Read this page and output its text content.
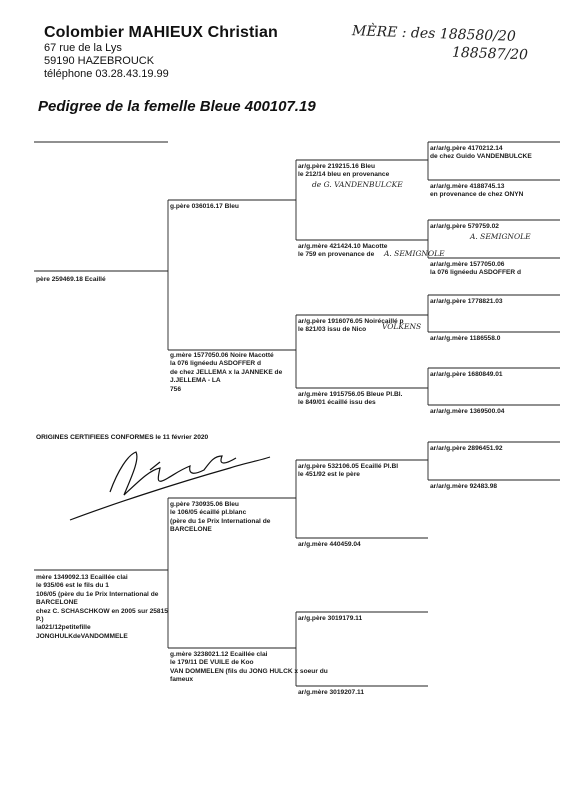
Colombier MAHIEUX Christian
67 rue de la Lys
59190 HAZEBROUCK
téléphone 03.28.43.19.99
MÈRE : des 188580/20
188587/20
Pedigree de la femelle Bleue 400107.19
père 259469.18 Ecaillé
g.père 036016.17 Bleu
g.mère 1577050.06 Noire Macotté
la 076 lignéedu ASDOFFER d
de chez JELLEMA x la JANNEKE de J.JELLEMA - LA
756
ar/g.père 219215.16 Bleu
le 212/14 bleu en provenance
de G. VANDENBULCKE
ar/g.mère 421424.10 Macotte
le 759 en provenance de	A. SEMIGNOLE
ar/g.père 1916076.05 Noirécaillé p
le 821/03 issu de Nico	VOLKENS
ar/g.mère 1915756.05 Bleue Pl.Bl.
le 849/01 écaillé issu des
ar/ar/g.père 4170212.14
de chez Guido VANDENBULCKE
ar/ar/g.mère 4188745.13
en provenance de chez ONYN
ar/ar/g.père 579759.02
A. SEMIGNOLE
ar/ar/g.mère 1577050.06
la 076 lignéedu ASDOFFER d
ar/ar/g.père 1778821.03
ar/ar/g.mère 1186558.0
ar/ar/g.père 1680849.01
ar/ar/g.mère 1369500.04
ORIGINES CERTIFIEES CONFORMES le 11 février 2020
mère 1349092.13 Ecaillée clai
le 935/06 est le fils du 1
106/05 (père du 1e Prix International de
BARCELONE
chez C. SCHASCHKOW en 2005 sur 25815
P.)
la021/12petitefille
JONGHULKdeVANDOMMELE
g.père 730935.06 Bleu
le 106/05 écaillé pl.blanc
(père du 1e Prix International de
BARCELONE
g.mère 3238021.12 Ecaillée clai
le 179/11 DE VUILE de Koo
VAN DOMMELEN (fils du JONG HULCK x soeur du
fameux
ar/g.père 532106.05 Ecaillé Pl.Bl
le 451/92 est le père
ar/g.mère 440459.04
ar/g.père 3019179.11
ar/g.mère 3019207.11
ar/ar/g.père 2896451.92
ar/ar/g.mère 92483.98
